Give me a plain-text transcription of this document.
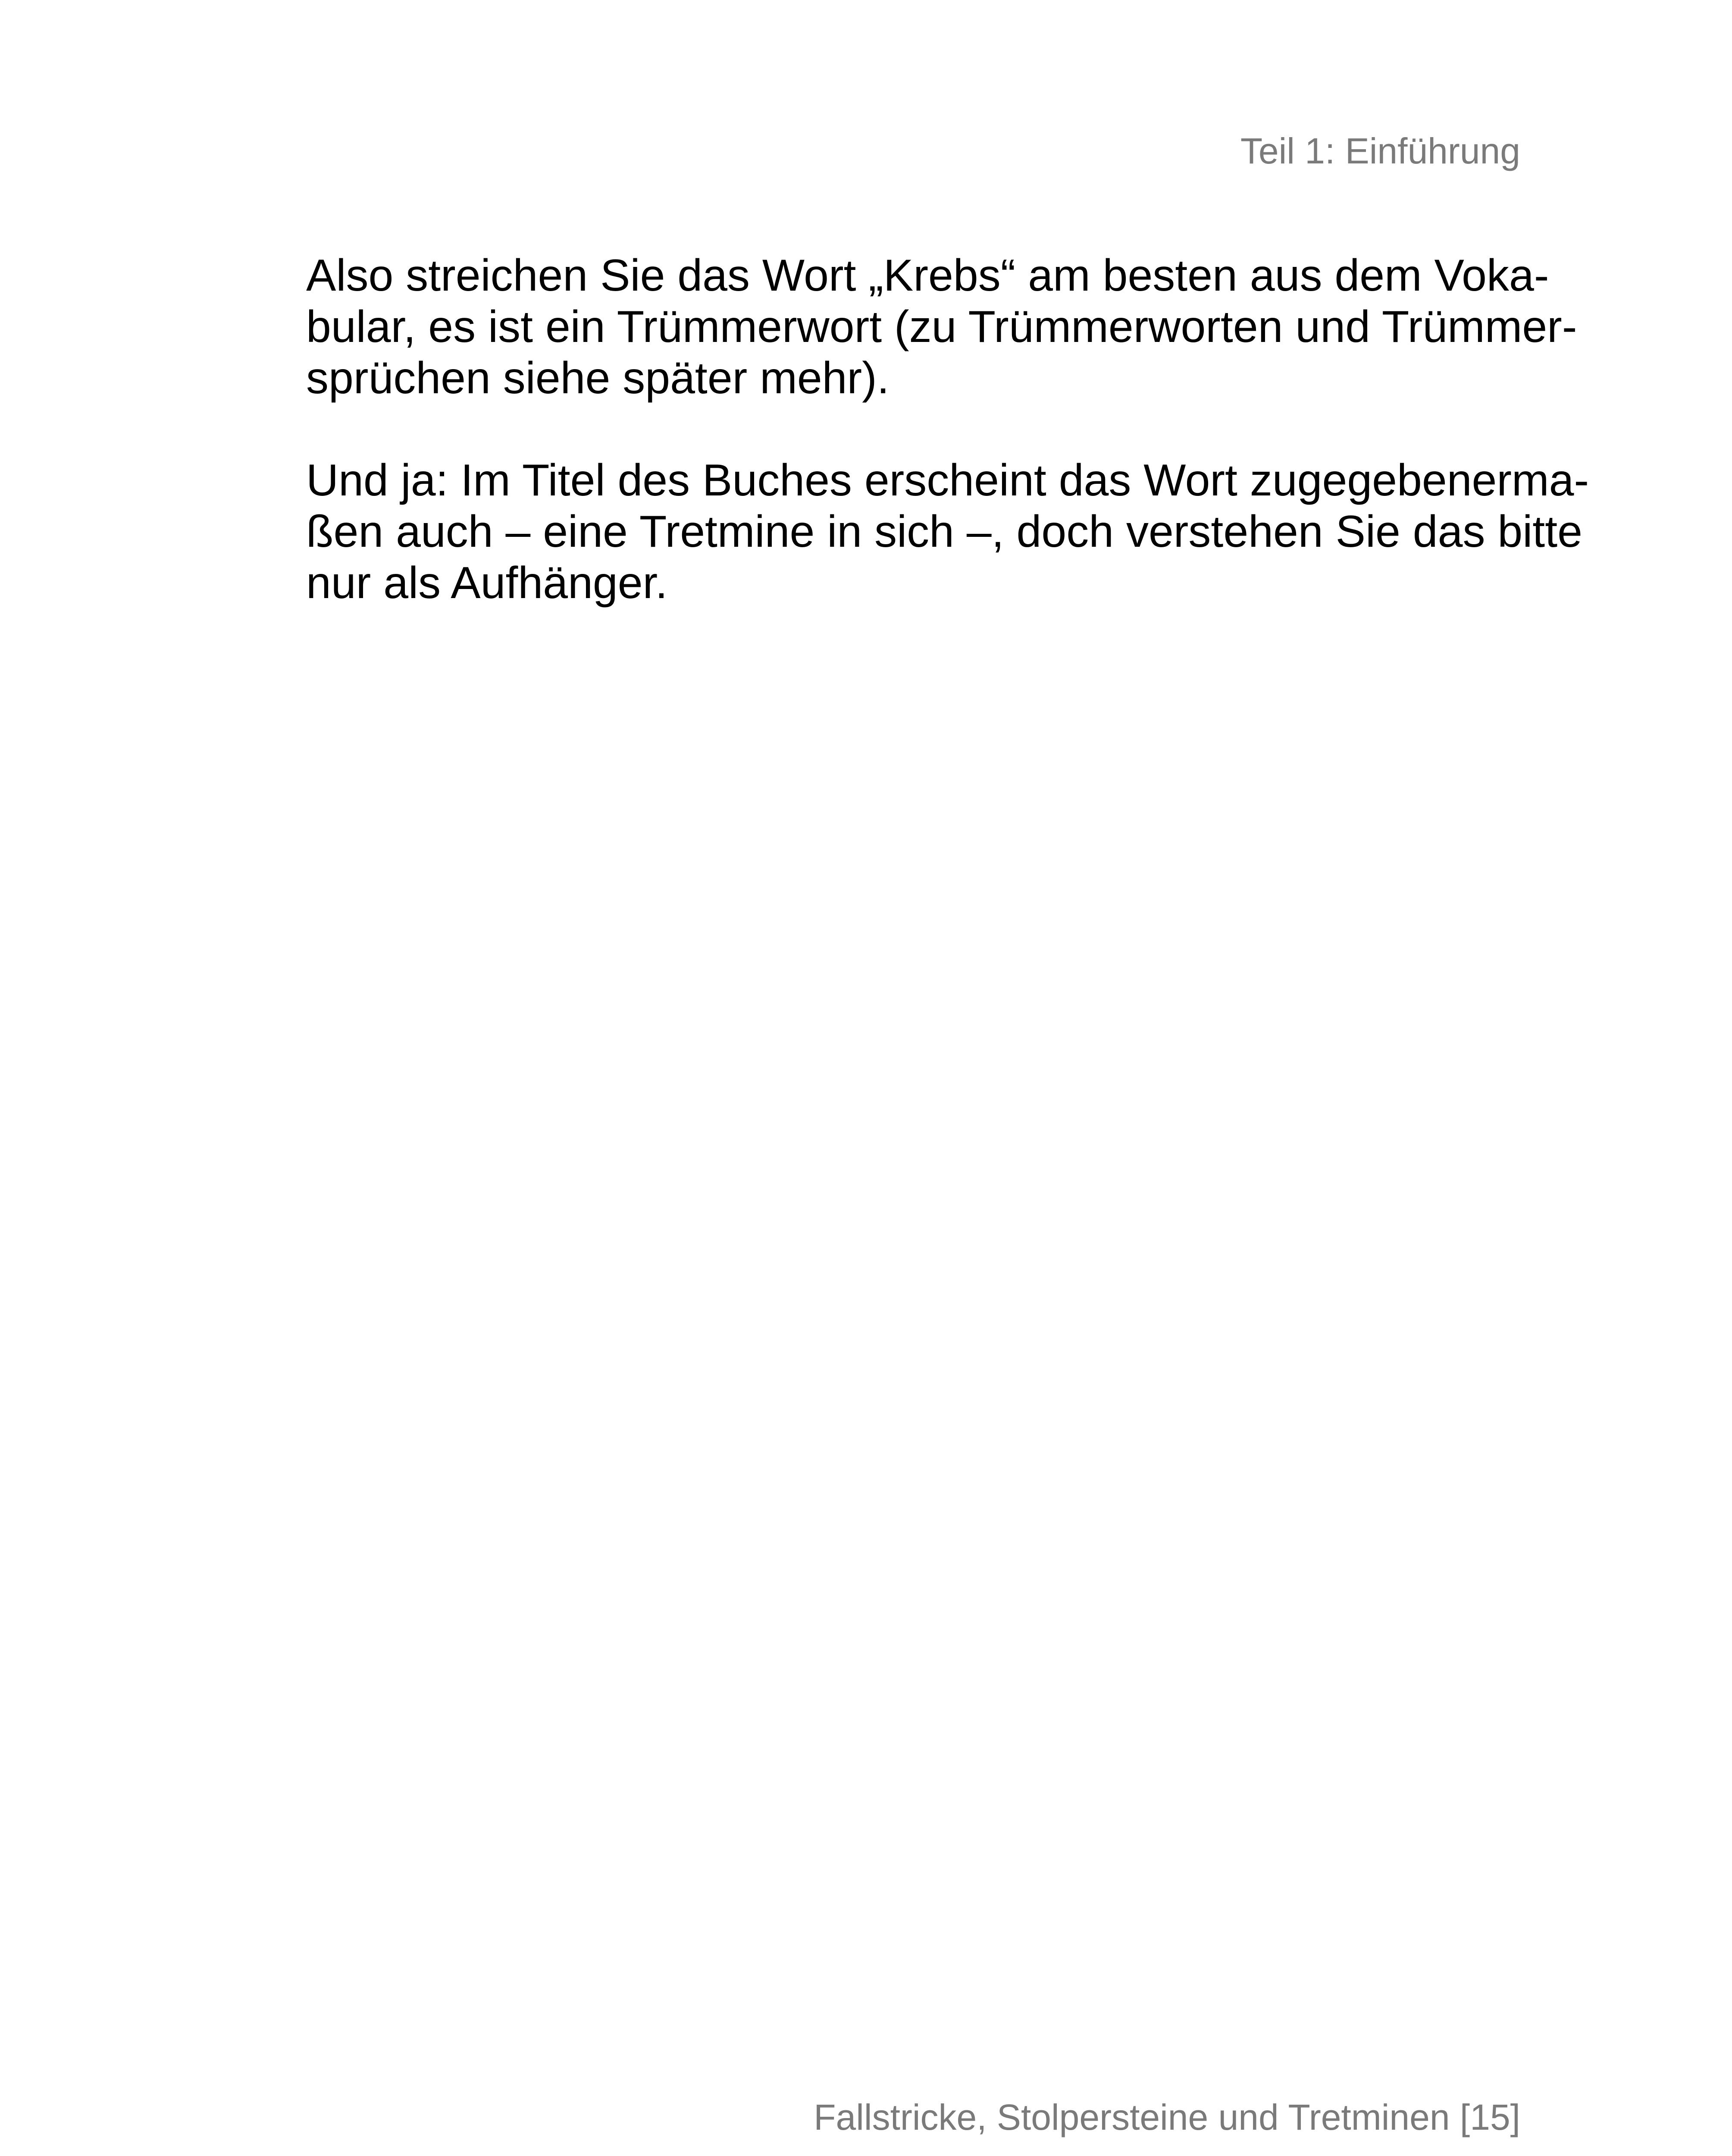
Teil 1: Einführung

Also streichen Sie das Wort „Krebs“ am besten aus dem Voka-
bular, es ist ein Trümmerwort (zu Trümmerworten und Trümmer-
sprüchen siehe später mehr).

Und ja: Im Titel des Buches erscheint das Wort zugegebenerma-
ßen auch – eine Tretmine in sich –, doch verstehen Sie das bitte
nur als Aufhänger.

Fallstricke, Stolpersteine und Tretminen [15]
